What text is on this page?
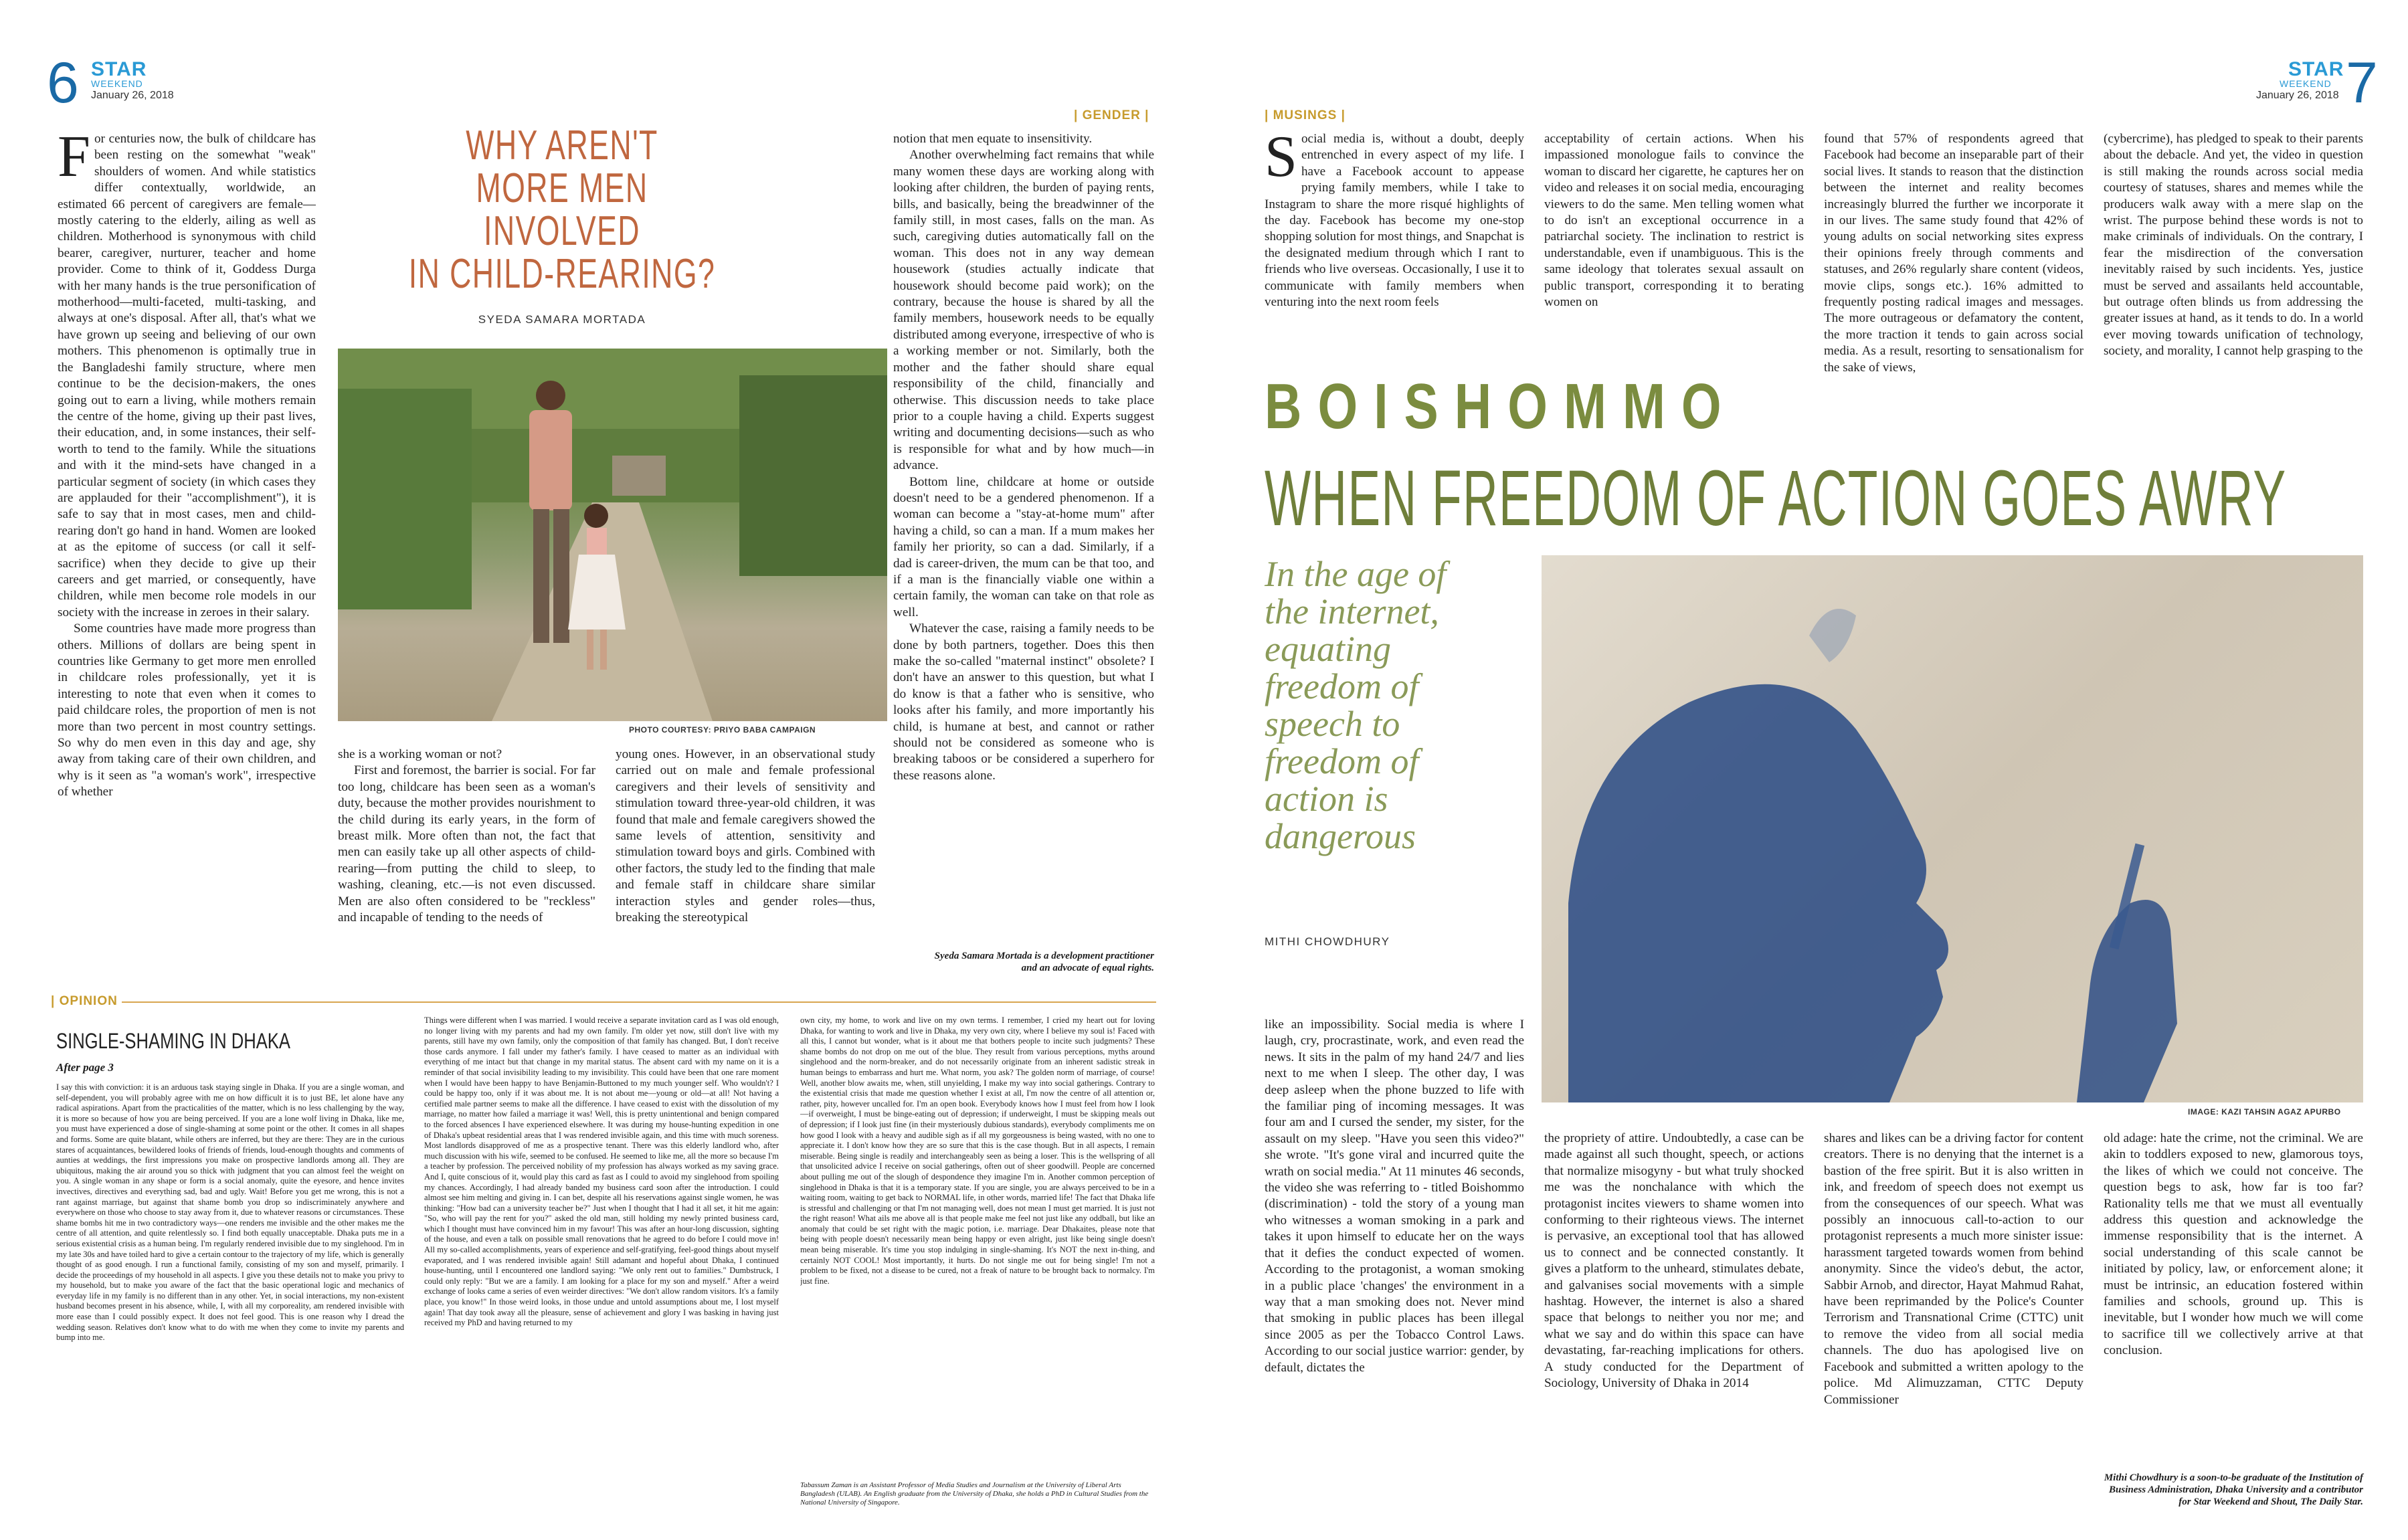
6 STAR
WEEKEND
January 26, 2018
STAR
WEEKEND
January 26, 2018 7
| GENDER |

For centuries now, the bulk of childcare has been resting on the somewhat "weak" shoulders of women. And while statistics differ contextually, worldwide, an estimated 66 percent of caregivers are female—mostly catering to the elderly, ailing as well as children. Motherhood is synonymous with child bearer, caregiver, nurturer, teacher and home provider. Come to think of it, Goddess Durga with her many hands is the true personification of motherhood—multi-faceted, multi-tasking, and always at one's disposal. After all, that's what we have grown up seeing and believing of our own mothers. This phenomenon is optimally true in the Bangladeshi family structure, where men continue to be the decision-makers, the ones going out to earn a living, while mothers remain the centre of the home, giving up their past lives, their education, and, in some instances, their self-worth to tend to the family. While the situations and with it the mind-sets have changed in a particular segment of society (in which cases they are applauded for their "accomplishment"), it is safe to say that in most cases, men and child-rearing don't go hand in hand. Women are looked at as the epitome of success (or call it self-sacrifice) when they decide to give up their careers and get married, or consequently, have children, while men become role models in our society with the increase in zeroes in their salary.

Some countries have made more progress than others. Millions of dollars are being spent in countries like Germany to get more men enrolled in childcare roles professionally, yet it is interesting to note that even when it comes to paid childcare roles, the proportion of men is not more than two percent in most country settings. So why do men even in this day and age, shy away from taking care of their own children, and why is it seen as "a woman's work", irrespective of whether

WHY AREN'T
MORE MEN INVOLVED
IN CHILD-REARING?
SYEDA SAMARA MORTADA
PHOTO COURTESY: PRIYO BABA CAMPAIGN

she is a working woman or not?

First and foremost, the barrier is social. For far too long, childcare has been seen as a woman's duty, because the mother provides nourishment to the child during its early years, in the form of breast milk. More often than not, the fact that men can easily take up all other aspects of child-rearing—from putting the child to sleep, to washing, cleaning, etc.—is not even discussed. Men are also often considered to be "reckless" and incapable of tending to the needs of

young ones. However, in an observational study carried out on male and female professional caregivers and their levels of sensitivity and stimulation toward three-year-old children, it was found that male and female caregivers showed the same levels of attention, sensitivity and stimulation toward boys and girls. Combined with other factors, the study led to the finding that male and female staff in childcare share similar interaction styles and gender roles—thus, breaking the stereotypical

notion that men equate to insensitivity.

Another overwhelming fact remains that while many women these days are working along with looking after children, the burden of paying rents, bills, and basically, being the breadwinner of the family still, in most cases, falls on the man. As such, caregiving duties automatically fall on the woman. This does not in any way demean housework (studies actually indicate that housework should become paid work); on the contrary, because the house is shared by all the family members, housework needs to be equally distributed among everyone, irrespective of who is a working member or not. Similarly, both the mother and the father should share equal responsibility of the child, financially and otherwise. This discussion needs to take place prior to a couple having a child. Experts suggest writing and documenting decisions—such as who is responsible for what and by how much—in advance.

Bottom line, childcare at home or outside doesn't need to be a gendered phenomenon. If a woman can become a "stay-at-home mum" after having a child, so can a man. If a mum makes her family her priority, so can a dad. Similarly, if a dad is career-driven, the mum can be that too, and if a man is the financially viable one within a certain family, the woman can take on that role as well.

Whatever the case, raising a family needs to be done by both partners, together. Does this then make the so-called "maternal instinct" obsolete? I don't have an answer to this question, but what I do know is that a father who is sensitive, who looks after his family, and more importantly his child, is humane at best, and cannot or rather should not be considered as someone who is breaking taboos or be considered a superhero for these reasons alone.

Syeda Samara Mortada is a development practitioner and an advocate of equal rights.
| OPINION
SINGLE-SHAMING IN DHAKA
After page 3

I say this with conviction: it is an arduous task staying single in Dhaka. If you are a single woman, and self-dependent, you will probably agree with me on how difficult it is to just BE, let alone have any radical aspirations. Apart from the practicalities of the matter, which is no less challenging by the way, it is more so because of how you are being perceived. If you are a lone wolf living in Dhaka, like me, you must have experienced a dose of single-shaming at some point or the other. It comes in all shapes and forms. Some are quite blatant, while others are inferred, but they are there: They are in the curious stares of acquaintances, bewildered looks of friends of friends, loud-enough thoughts and comments of aunties at weddings, the first impressions you make on prospective landlords among all. They are ubiquitous, making the air around you so thick with judgment that you can almost feel the weight on you. A single woman in any shape or form is a social anomaly, quite the eyesore, and hence invites invectives, directives and everything sad, bad and ugly. Wait! Before you get me wrong, this is not a rant against marriage, but against that shame bomb you drop so indiscriminately anywhere and everywhere on those who choose to stay away from it, due to whatever reasons or circumstances. These shame bombs hit me in two contradictory ways—one renders me invisible and the other makes me the centre of all attention, and quite relentlessly so. I find both equally unacceptable. Dhaka puts me in a serious existential crisis as a human being. I'm regularly rendered invisible due to my singlehood. I'm in my late 30s and have toiled hard to give a certain contour to the trajectory of my life, which is generally thought of as good enough. I run a functional family, consisting of my son and myself, primarily. I decide the proceedings of my household in all aspects. I give you these details not to make you privy to my household, but to make you aware of the fact that the basic operational logic and mechanics of everyday life in my family is no different than in any other. Yet, in social interactions, my non-existent husband becomes present in his absence, while, I, with all my corporeality, am rendered invisible with more ease than I could possibly expect. It does not feel good. This is one reason why I dread the wedding season. Relatives don't know what to do with me when they come to invite my parents and bump into me.

Things were different when I was married. I would receive a separate invitation card as I was old enough, no longer living with my parents and had my own family. I'm older yet now, still don't live with my parents, still have my own family, only the composition of that family has changed. But, I don't receive those cards anymore. I fall under my father's family. I have ceased to matter as an individual with everything of me intact but that change in my marital status. The absent card with my name on it is a reminder of that social invisibility leading to my invisibility. This could have been that one rare moment when I would have been happy to have Benjamin-Buttoned to my much younger self. Who wouldn't? I could be happy too, only if it was about me. It is not about me—young or old—at all! Not having a certified male partner seems to make all the difference. I have ceased to exist with the dissolution of my marriage, no matter how failed a marriage it was! Well, this is pretty unintentional and benign compared to the forced absences I have experienced elsewhere. It was during my house-hunting expedition in one of Dhaka's upbeat residential areas that I was rendered invisible again, and this time with much soreness. Most landlords disapproved of me as a prospective tenant. There was this elderly landlord who, after much discussion with his wife, seemed to be confused. He seemed to like me, all the more so because I'm a teacher by profession. The perceived nobility of my profession has always worked as my saving grace. And I, quite conscious of it, would play this card as fast as I could to avoid my singlehood from spoiling my chances. Accordingly, I had already banded my business card soon after the introduction. I could almost see him melting and giving in. I can bet, despite all his reservations against single women, he was thinking: "How bad can a university teacher be?" Just when I thought that I had it all set, it hit me again: "So, who will pay the rent for you?" asked the old man, still holding my newly printed business card, which I thought must have convinced him in my favour! This was after an hour-long discussion, sighting of the house, and even a talk on possible small renovations that he agreed to do before I could move in! All my so-called accomplishments, years of experience and self-gratifying, feel-good things about myself evaporated, and I was rendered invisible again! Still adamant and hopeful about Dhaka, I continued house-hunting, until I encountered one landlord saying: "We only rent out to families." Dumbstruck, I could only reply: "But we are a family. I am looking for a place for my son and myself." After a weird exchange of looks came a series of even weirder directives: "We don't allow random visitors. It's a family place, you know!" In those weird looks, in those undue and untold assumptions about me, I lost myself again! That day took away all the pleasure, sense of achievement and glory I was basking in having just received my PhD and having returned to my

own city, my home, to work and live on my own terms. I remember, I cried my heart out for loving Dhaka, for wanting to work and live in Dhaka, my very own city, where I believe my soul is! Faced with all this, I cannot but wonder, what is it about me that bothers people to incite such judgments? These shame bombs do not drop on me out of the blue. They result from various perceptions, myths around singlehood and the norm-breaker, and do not necessarily originate from an inherent sadistic streak in human beings to embarrass and hurt me. What norm, you ask? The golden norm of marriage, of course! Well, another blow awaits me, when, still unyielding, I make my way into social gatherings. Contrary to the existential crisis that made me question whether I exist at all, I'm now the centre of all attention or, rather, pity, however uncalled for. I'm an open book. Everybody knows how I must feel from how I look—if overweight, I must be binge-eating out of depression; if underweight, I must be skipping meals out of depression; if I look just fine (in their mysteriously dubious standards), everybody compliments me on how good I look with a heavy and audible sigh as if all my gorgeousness is being wasted, with no one to appreciate it. I don't know how they are so sure that this is the case though. But in all aspects, I remain miserable. Being single is readily and interchangeably seen as being a loser. This is the wellspring of all that unsolicited advice I receive on social gatherings, often out of sheer goodwill. People are concerned about pulling me out of the slough of despondence they imagine I'm in. Another common perception of singlehood in Dhaka is that it is a temporary state. If you are single, you are always perceived to be in a waiting room, waiting to get back to NORMAL life, in other words, married life! The fact that Dhaka life is stressful and challenging or that I'm not managing well, does not mean I must get married. It is just not the right reason! What ails me above all is that people make me feel not just like any oddball, but like an anomaly that could be set right with the magic potion, i.e. marriage. Dear Dhakaites, please note that being with people doesn't necessarily mean being happy or even alright, just like being single doesn't mean being miserable. It's time you stop indulging in single-shaming. It's NOT the next in-thing, and certainly NOT COOL! Most importantly, it hurts. Do not single me out for being single! I'm not a problem to be fixed, not a disease to be cured, not a freak of nature to be brought back to normalcy. I'm just fine.

Tabassum Zaman is an Assistant Professor of Media Studies and Journalism at the University of Liberal Arts Bangladesh (ULAB). An English graduate from the University of Dhaka, she holds a PhD in Cultural Studies from the National University of Singapore.
| MUSINGS |

Social media is, without a doubt, deeply entrenched in every aspect of my life. I have a Facebook account to appease prying family members, while I take to Instagram to share the more risqué highlights of the day. Facebook has become my one-stop shopping solution for most things, and Snapchat is the designated medium through which I rant to friends who live overseas. Occasionally, I use it to communicate with family members when venturing into the next room feels

acceptability of certain actions. When his impassioned monologue fails to convince the woman to discard her cigarette, he captures her on video and releases it on social media, encouraging viewers to do the same. Men telling women what to do isn't an exceptional occurrence in a patriarchal society. The inclination to restrict is understandable, even if unambiguous. This is the same ideology that tolerates sexual assault on public transport, corresponding it to berating women on

found that 57% of respondents agreed that Facebook had become an inseparable part of their social lives. It stands to reason that the distinction between the internet and reality becomes increasingly blurred the further we incorporate it in our lives. The same study found that 42% of young adults on social networking sites express their opinions freely through comments and statuses, and 26% regularly share content (videos, movie clips, songs etc.). 16% admitted to frequently posting radical images and messages. The more outrageous or defamatory the content, the more traction it tends to gain across social media. As a result, resorting to sensationalism for the sake of views,

(cybercrime), has pledged to speak to their parents about the debacle. And yet, the video in question is still making the rounds across social media courtesy of statuses, shares and memes while the producers walk away with a mere slap on the wrist. The purpose behind these words is not to make criminals of individuals. On the contrary, I fear the misdirection of the conversation inevitably raised by such incidents. Yes, justice must be served and assailants held accountable, but outrage often blinds us from addressing the greater issues at hand, as it tends to do. In a world ever moving towards unification of technology, society, and morality, I cannot help grasping to the

BOISHOMMO
WHEN FREEDOM OF ACTION GOES AWRY
In the age of
the internet,
equating
freedom of
speech to
freedom of
action is
dangerous
MITHI CHOWDHURY
IMAGE: KAZI TAHSIN AGAZ APURBO

like an impossibility. Social media is where I laugh, cry, procrastinate, work, and even read the news. It sits in the palm of my hand 24/7 and lies next to me when I sleep. The other day, I was deep asleep when the phone buzzed to life with the familiar ping of incoming messages. It was four am and I cursed the sender, my sister, for the assault on my sleep. "Have you seen this video?" she wrote. "It's gone viral and incurred quite the wrath on social media." At 11 minutes 46 seconds, the video she was referring to - titled Boishommo (discrimination) - told the story of a young man who witnesses a woman smoking in a park and takes it upon himself to educate her on the ways that it defies the conduct expected of women. According to the protagonist, a woman smoking in a public place 'changes' the environment in a way that a man smoking does not. Never mind that smoking in public places has been illegal since 2005 as per the Tobacco Control Laws. According to our social justice warrior: gender, by default, dictates the

the propriety of attire. Undoubtedly, a case can be made against all such thought, speech, or actions that normalize misogyny - but what truly shocked me was the nonchalance with which the protagonist incites viewers to shame women into conforming to their righteous views. The internet is pervasive, an exceptional tool that has allowed us to connect and be connected constantly. It gives a platform to the unheard, stimulates debate, and galvanises social movements with a simple hashtag. However, the internet is also a shared space that belongs to neither you nor me; and what we say and do within this space can have devastating, far-reaching implications for others. A study conducted for the Department of Sociology, University of Dhaka in 2014

shares and likes can be a driving factor for content creators. There is no denying that the internet is a bastion of the free spirit. But it is also written in ink, and freedom of speech does not exempt us from the consequences of our speech. What was possibly an innocuous call-to-action to our protagonist represents a much more sinister issue: harassment targeted towards women from behind anonymity. Since the video's debut, the actor, Sabbir Arnob, and director, Hayat Mahmud Rahat, have been reprimanded by the Police's Counter Terrorism and Transnational Crime (CTTC) unit to remove the video from all social media channels. The duo has apologised live on Facebook and submitted a written apology to the police. Md Alimuzzaman, CTTC Deputy Commissioner

old adage: hate the crime, not the criminal. We are akin to toddlers exposed to new, glamorous toys, the likes of which we could not conceive. The question begs to ask, how far is too far? Rationality tells me that we must all eventually address this question and acknowledge the immense responsibility that is the internet. A social understanding of this scale cannot be initiated by policy, law, or enforcement alone; it must be intrinsic, an education fostered within families and schools, ground up. This is inevitable, but I wonder how much we will come to sacrifice till we collectively arrive at that conclusion.

Mithi Chowdhury is a soon-to-be graduate of the Institution of Business Administration, Dhaka University and a contributor for Star Weekend and Shout, The Daily Star.
